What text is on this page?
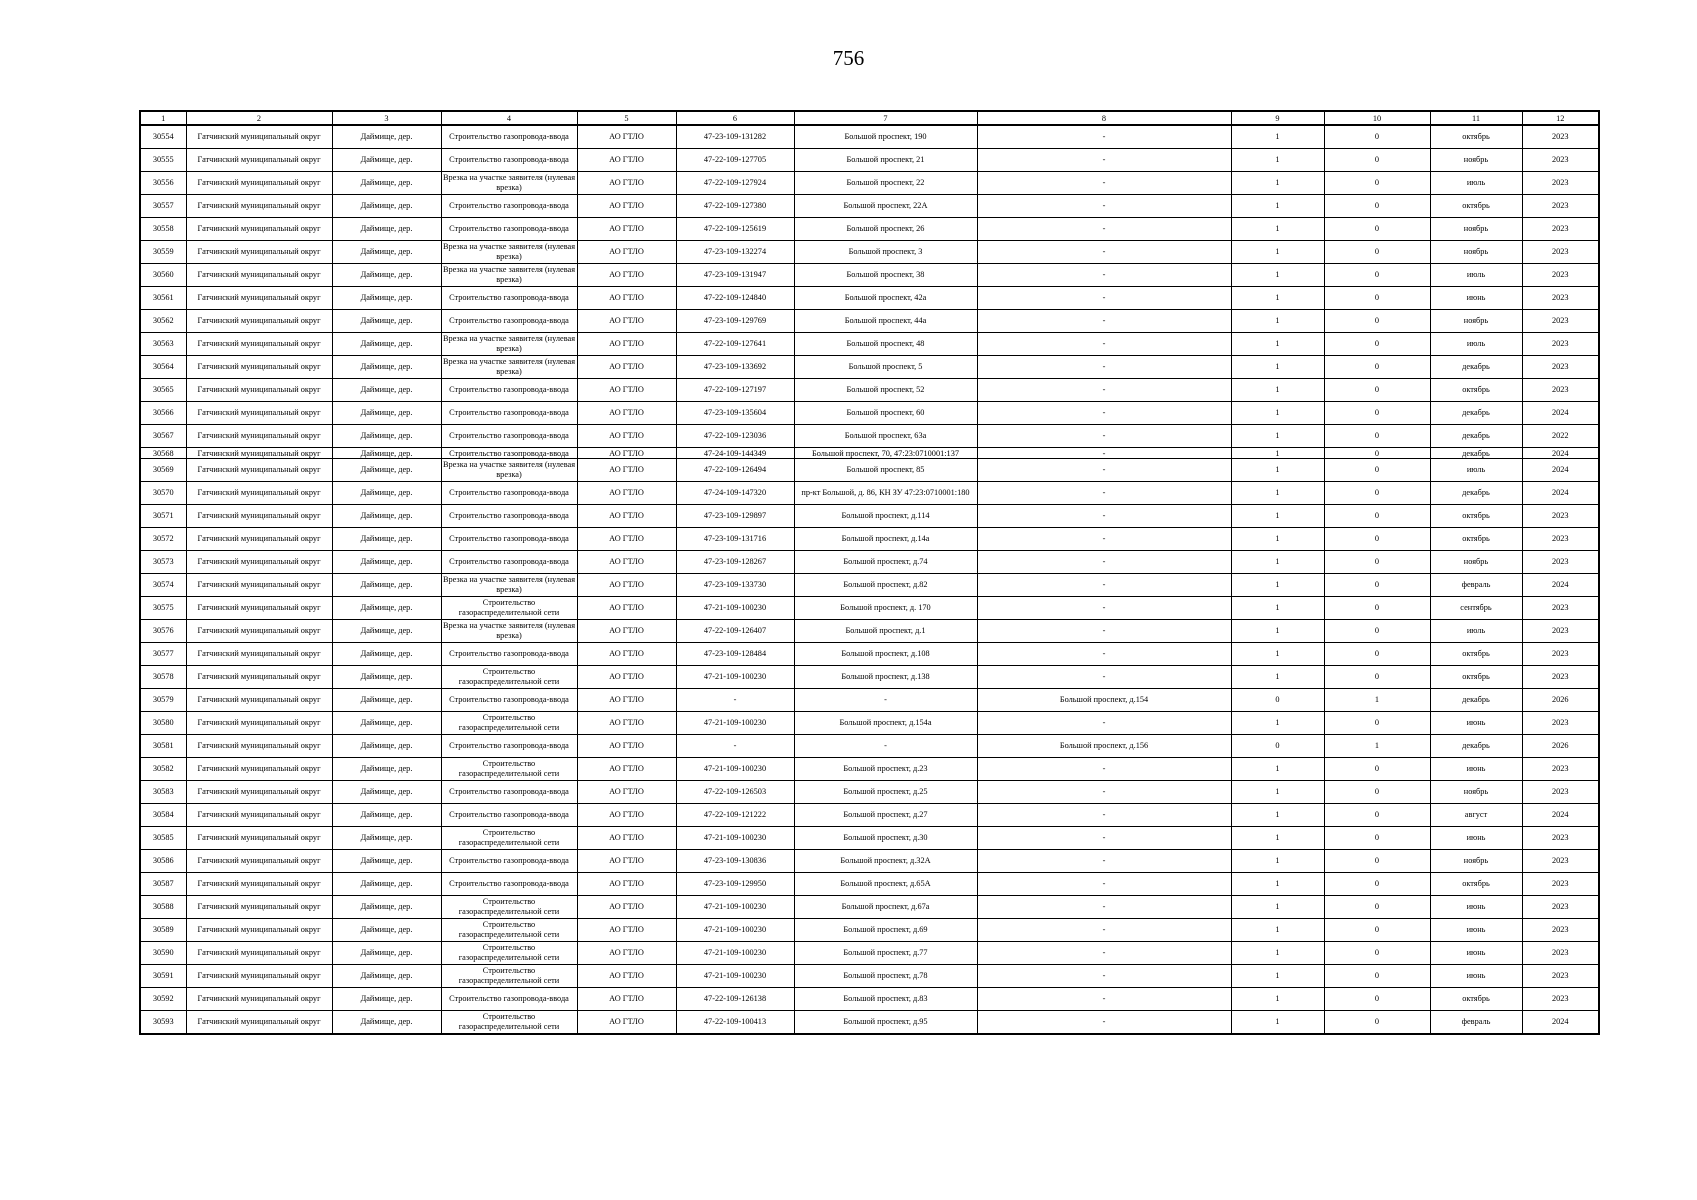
756
1	2	3	4	5	6	7	8	9	10	11	12
30554	Гатчинский муниципальный округ	Даймище, дер.	Строительство газопровода-ввода	АО ГТЛО	47-23-109-131282	Большой проспект, 190	-	1	0	октябрь	2023
30555	Гатчинский муниципальный округ	Даймище, дер.	Строительство газопровода-ввода	АО ГТЛО	47-22-109-127705	Большой проспект, 21	-	1	0	ноябрь	2023
30556	Гатчинский муниципальный округ	Даймище, дер.	Врезка на участке заявителя (нулевая врезка)	АО ГТЛО	47-22-109-127924	Большой проспект, 22	-	1	0	июль	2023
30557	Гатчинский муниципальный округ	Даймище, дер.	Строительство газопровода-ввода	АО ГТЛО	47-22-109-127380	Большой проспект, 22А	-	1	0	октябрь	2023
30558	Гатчинский муниципальный округ	Даймище, дер.	Строительство газопровода-ввода	АО ГТЛО	47-22-109-125619	Большой проспект, 26	-	1	0	ноябрь	2023
30559	Гатчинский муниципальный округ	Даймище, дер.	Врезка на участке заявителя (нулевая врезка)	АО ГТЛО	47-23-109-132274	Большой проспект, 3	-	1	0	ноябрь	2023
30560	Гатчинский муниципальный округ	Даймище, дер.	Врезка на участке заявителя (нулевая врезка)	АО ГТЛО	47-23-109-131947	Большой проспект, 38	-	1	0	июль	2023
30561	Гатчинский муниципальный округ	Даймище, дер.	Строительство газопровода-ввода	АО ГТЛО	47-22-109-124840	Большой проспект, 42а	-	1	0	июнь	2023
30562	Гатчинский муниципальный округ	Даймище, дер.	Строительство газопровода-ввода	АО ГТЛО	47-23-109-129769	Большой проспект, 44а	-	1	0	ноябрь	2023
30563	Гатчинский муниципальный округ	Даймище, дер.	Врезка на участке заявителя (нулевая врезка)	АО ГТЛО	47-22-109-127641	Большой проспект, 48	-	1	0	июль	2023
30564	Гатчинский муниципальный округ	Даймище, дер.	Врезка на участке заявителя (нулевая врезка)	АО ГТЛО	47-23-109-133692	Большой проспект, 5	-	1	0	декабрь	2023
30565	Гатчинский муниципальный округ	Даймище, дер.	Строительство газопровода-ввода	АО ГТЛО	47-22-109-127197	Большой проспект, 52	-	1	0	октябрь	2023
30566	Гатчинский муниципальный округ	Даймище, дер.	Строительство газопровода-ввода	АО ГТЛО	47-23-109-135604	Большой проспект, 60	-	1	0	декабрь	2024
30567	Гатчинский муниципальный округ	Даймище, дер.	Строительство газопровода-ввода	АО ГТЛО	47-22-109-123036	Большой проспект, 63а	-	1	0	декабрь	2022
30568	Гатчинский муниципальный округ	Даймище, дер.	Строительство газопровода-ввода	АО ГТЛО	47-24-109-144349	Большой проспект, 70, 47:23:0710001:137	-	1	0	декабрь	2024
30569	Гатчинский муниципальный округ	Даймище, дер.	Врезка на участке заявителя (нулевая врезка)	АО ГТЛО	47-22-109-126494	Большой проспект, 85	-	1	0	июль	2024
30570	Гатчинский муниципальный округ	Даймище, дер.	Строительство газопровода-ввода	АО ГТЛО	47-24-109-147320	пр-кт Большой, д. 86, КН ЗУ 47:23:0710001:180	-	1	0	декабрь	2024
30571	Гатчинский муниципальный округ	Даймище, дер.	Строительство газопровода-ввода	АО ГТЛО	47-23-109-129897	Большой проспект, д.114	-	1	0	октябрь	2023
30572	Гатчинский муниципальный округ	Даймище, дер.	Строительство газопровода-ввода	АО ГТЛО	47-23-109-131716	Большой проспект, д.14а	-	1	0	октябрь	2023
30573	Гатчинский муниципальный округ	Даймище, дер.	Строительство газопровода-ввода	АО ГТЛО	47-23-109-128267	Большой проспект, д.74	-	1	0	ноябрь	2023
30574	Гатчинский муниципальный округ	Даймище, дер.	Врезка на участке заявителя (нулевая врезка)	АО ГТЛО	47-23-109-133730	Большой проспект, д.82	-	1	0	февраль	2024
30575	Гатчинский муниципальный округ	Даймище, дер.	Строительство газораспределительной сети	АО ГТЛО	47-21-109-100230	Большой проспект, д. 170	-	1	0	сентябрь	2023
30576	Гатчинский муниципальный округ	Даймище, дер.	Врезка на участке заявителя (нулевая врезка)	АО ГТЛО	47-22-109-126407	Большой проспект, д.1	-	1	0	июль	2023
30577	Гатчинский муниципальный округ	Даймище, дер.	Строительство газопровода-ввода	АО ГТЛО	47-23-109-128484	Большой проспект, д.108	-	1	0	октябрь	2023
30578	Гатчинский муниципальный округ	Даймище, дер.	Строительство газораспределительной сети	АО ГТЛО	47-21-109-100230	Большой проспект, д.138	-	1	0	октябрь	2023
30579	Гатчинский муниципальный округ	Даймище, дер.	Строительство газопровода-ввода	АО ГТЛО	-	-	Большой проспект, д.154	0	1	декабрь	2026
30580	Гатчинский муниципальный округ	Даймище, дер.	Строительство газораспределительной сети	АО ГТЛО	47-21-109-100230	Большой проспект, д.154а	-	1	0	июнь	2023
30581	Гатчинский муниципальный округ	Даймище, дер.	Строительство газопровода-ввода	АО ГТЛО	-	-	Большой проспект, д.156	0	1	декабрь	2026
30582	Гатчинский муниципальный округ	Даймище, дер.	Строительство газораспределительной сети	АО ГТЛО	47-21-109-100230	Большой проспект, д.23	-	1	0	июнь	2023
30583	Гатчинский муниципальный округ	Даймище, дер.	Строительство газопровода-ввода	АО ГТЛО	47-22-109-126503	Большой проспект, д.25	-	1	0	ноябрь	2023
30584	Гатчинский муниципальный округ	Даймище, дер.	Строительство газопровода-ввода	АО ГТЛО	47-22-109-121222	Большой проспект, д.27	-	1	0	август	2024
30585	Гатчинский муниципальный округ	Даймище, дер.	Строительство газораспределительной сети	АО ГТЛО	47-21-109-100230	Большой проспект, д.30	-	1	0	июнь	2023
30586	Гатчинский муниципальный округ	Даймище, дер.	Строительство газопровода-ввода	АО ГТЛО	47-23-109-130836	Большой проспект, д.32А	-	1	0	ноябрь	2023
30587	Гатчинский муниципальный округ	Даймище, дер.	Строительство газопровода-ввода	АО ГТЛО	47-23-109-129950	Большой проспект, д.65А	-	1	0	октябрь	2023
30588	Гатчинский муниципальный округ	Даймище, дер.	Строительство газораспределительной сети	АО ГТЛО	47-21-109-100230	Большой проспект, д.67а	-	1	0	июнь	2023
30589	Гатчинский муниципальный округ	Даймище, дер.	Строительство газораспределительной сети	АО ГТЛО	47-21-109-100230	Большой проспект, д.69	-	1	0	июнь	2023
30590	Гатчинский муниципальный округ	Даймище, дер.	Строительство газораспределительной сети	АО ГТЛО	47-21-109-100230	Большой проспект, д.77	-	1	0	июнь	2023
30591	Гатчинский муниципальный округ	Даймище, дер.	Строительство газораспределительной сети	АО ГТЛО	47-21-109-100230	Большой проспект, д.78	-	1	0	июнь	2023
30592	Гатчинский муниципальный округ	Даймище, дер.	Строительство газопровода-ввода	АО ГТЛО	47-22-109-126138	Большой проспект, д.83	-	1	0	октябрь	2023
30593	Гатчинский муниципальный округ	Даймище, дер.	Строительство газораспределительной сети	АО ГТЛО	47-22-109-100413	Большой проспект, д.95	-	1	0	февраль	2024
